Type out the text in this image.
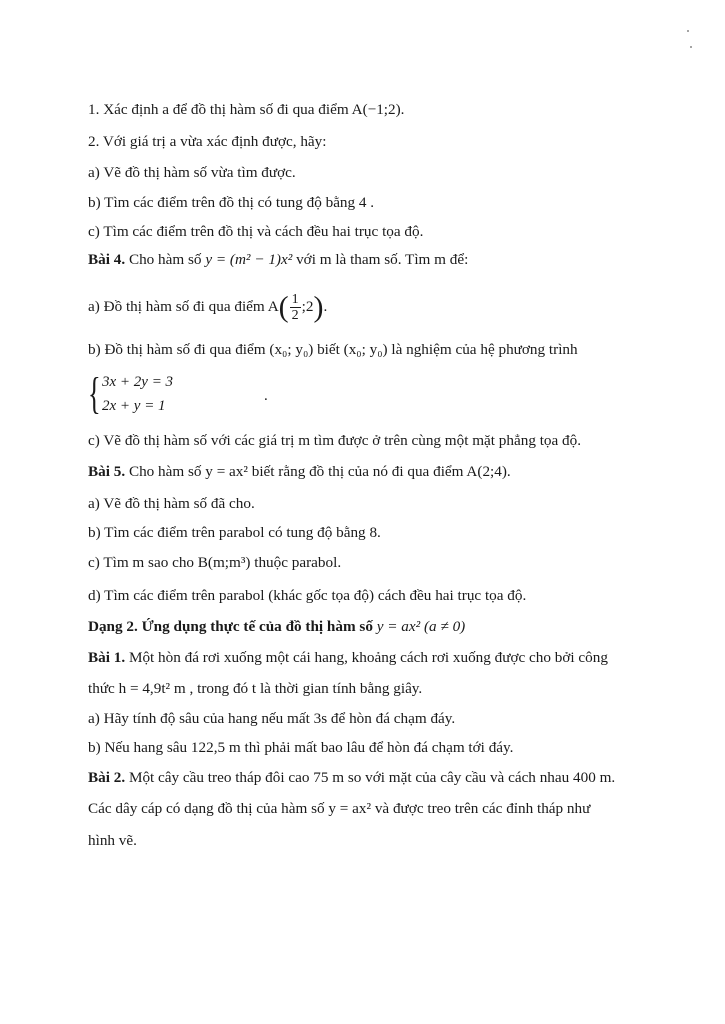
1. Xác định a để đồ thị hàm số đi qua điểm A(−1;2).
2. Với giá trị a vừa xác định được, hãy:
a) Vẽ đồ thị hàm số vừa tìm được.
b) Tìm các điểm trên đồ thị có tung độ bằng 4 .
c) Tìm các điểm trên đồ thị và cách đều hai trục tọa độ.
Bài 4. Cho hàm số y = (m² − 1)x² với m là tham số. Tìm m để:
a) Đồ thị hàm số đi qua điểm $A( \frac{1}{2}$ ;2).
b) Đồ thị hàm số đi qua điểm (x₀; y₀) biết (x₀; y₀) là nghiệm của hệ phương trình
{ 3x + 2y = 3
2x + y = 1
.
c) Vẽ đồ thị hàm số với các giá trị m tìm được ở trên cùng một mặt phẳng tọa độ.
Bài 5. Cho hàm số y = ax² biết rằng đồ thị của nó đi qua điểm A(2;4).
a) Vẽ đồ thị hàm số đã cho.
b) Tìm các điểm trên parabol có tung độ bằng 8.
c) Tìm m sao cho B(m;m³) thuộc parabol.
d) Tìm các điểm trên parabol (khác gốc tọa độ) cách đều hai trục tọa độ.
Dạng 2. Ứng dụng thực tế của đồ thị hàm số y = ax² (a ≠ 0)
Bài 1. Một hòn đá rơi xuống một cái hang, khoảng cách rơi xuống được cho bởi công
thức h = 4,9t² m , trong đó t là thời gian tính bằng giây.
a) Hãy tính độ sâu của hang nếu mất 3s để hòn đá chạm đáy.
b) Nếu hang sâu 122,5 m thì phải mất bao lâu để hòn đá chạm tới đáy.
Bài 2. Một cây cầu treo tháp đôi cao 75 m so với mặt của cây cầu và cách nhau 400 m.
Các dây cáp có dạng đồ thị của hàm số y = ax² và được treo trên các đỉnh tháp như
hình vẽ.
